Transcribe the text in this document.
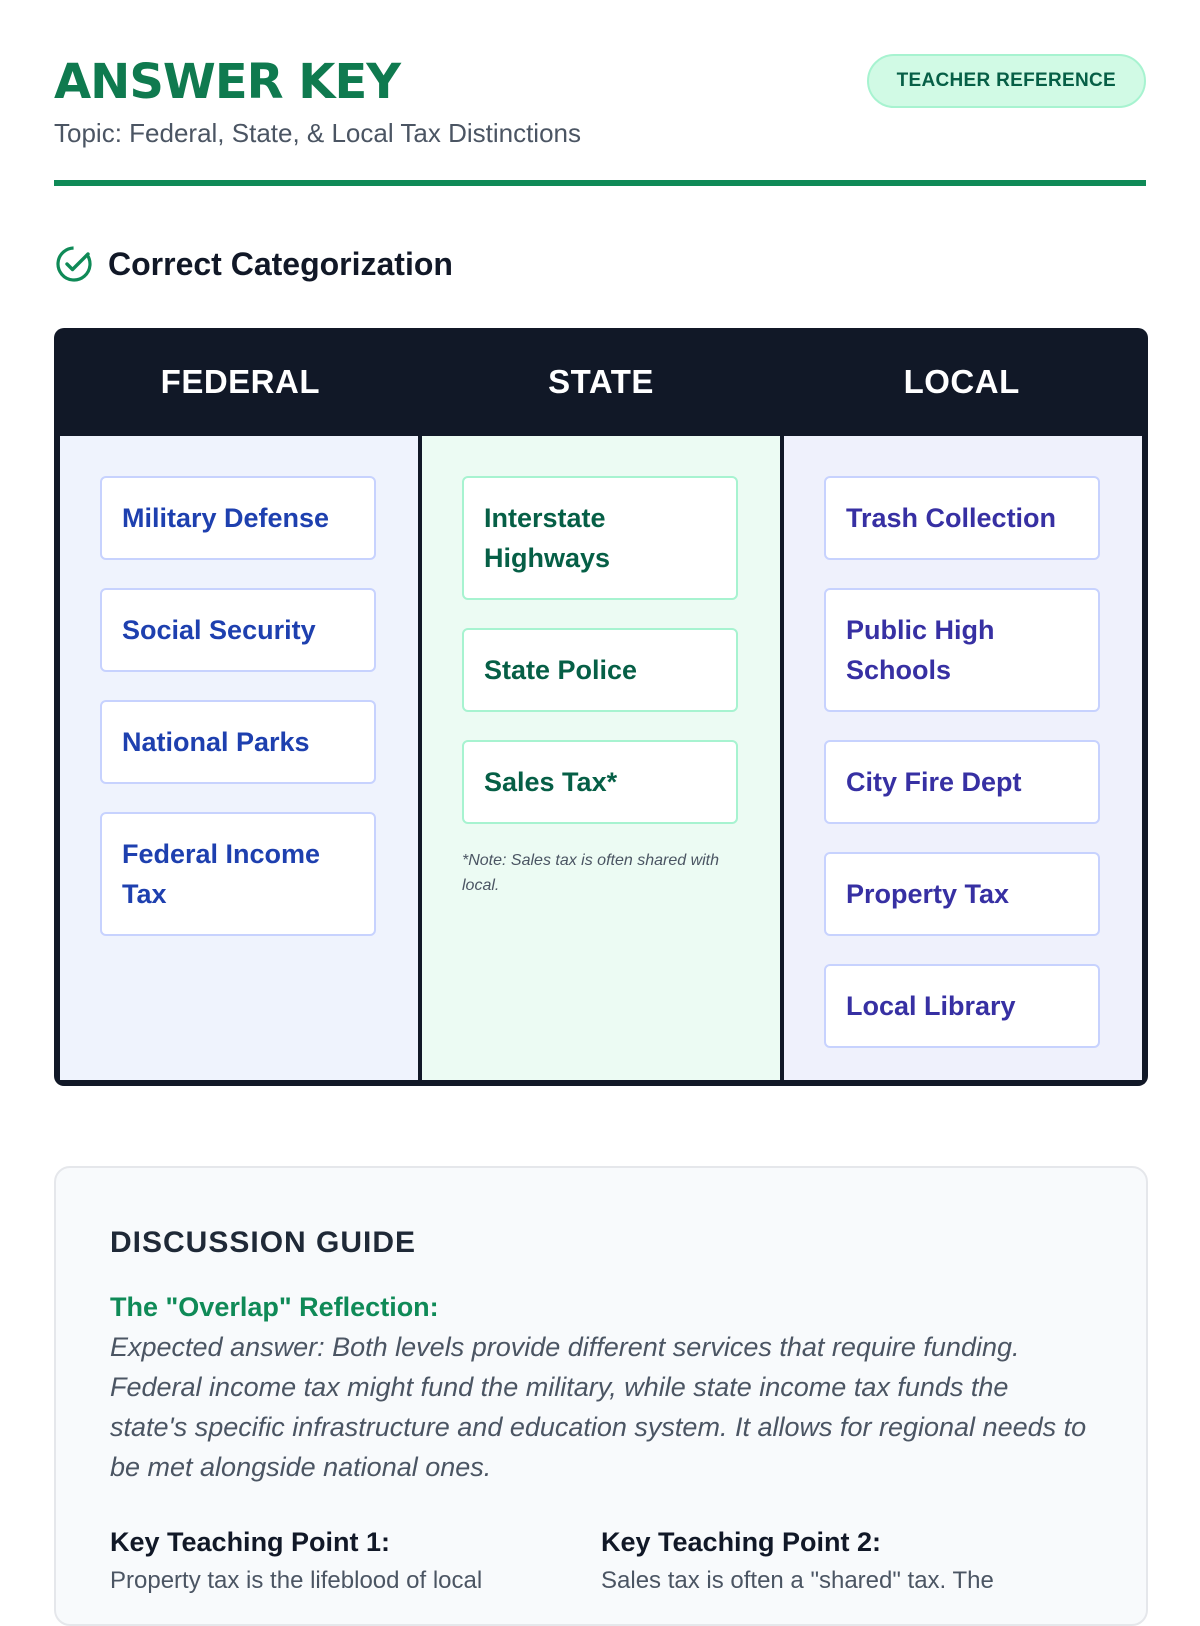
ANSWER KEY
Topic: Federal, State, & Local Tax Distinctions
TEACHER REFERENCE
Correct Categorization
FEDERAL	STATE	LOCAL
Military Defense
Social Security
National Parks
Federal Income Tax
Interstate Highways
State Police
Sales Tax*
*Note: Sales tax is often shared with local.
Trash Collection
Public High Schools
City Fire Dept
Property Tax
Local Library
DISCUSSION GUIDE
The "Overlap" Reflection:
Expected answer: Both levels provide different services that require funding. Federal income tax might fund the military, while state income tax funds the state's specific infrastructure and education system. It allows for regional needs to be met alongside national ones.
Key Teaching Point 1:
Property tax is the lifeblood of local
Key Teaching Point 2:
Sales tax is often a "shared" tax. The
